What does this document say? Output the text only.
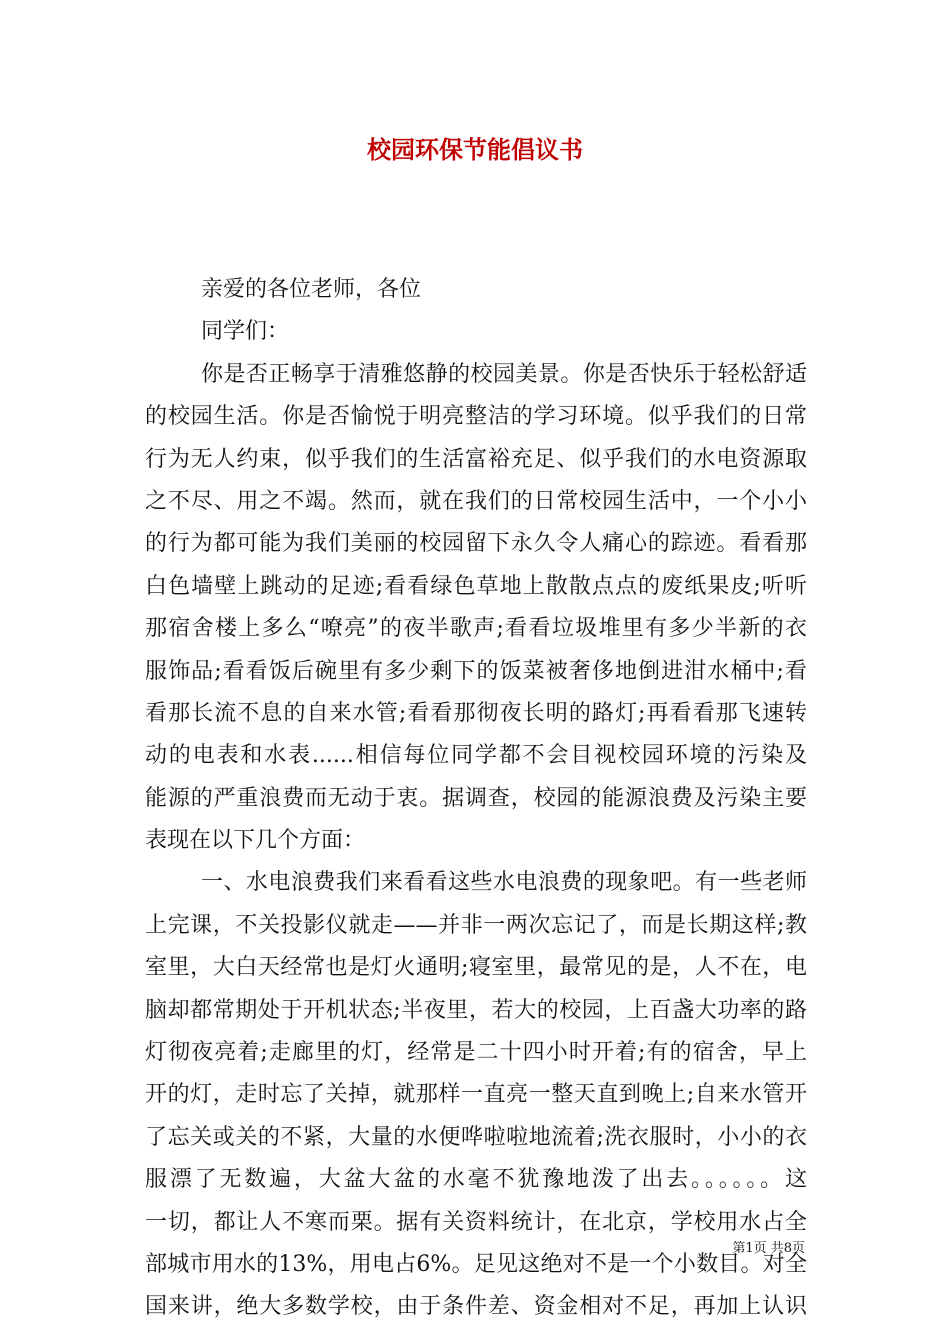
校园环保节能倡议书
亲爱的各位老师，各位
同学们：
你是否正畅享于清雅悠静的校园美景。你是否快乐于轻松舒适
的校园生活。你是否愉悦于明亮整洁的学习环境。似乎我们的日常
行为无人约束，似乎我们的生活富裕充足、似乎我们的水电资源取
之不尽、用之不竭。然而，就在我们的日常校园生活中，一个小小
的行为都可能为我们美丽的校园留下永久令人痛心的踪迹。看看那
白色墙壁上跳动的足迹;看看绿色草地上散散点点的废纸果皮;听听
那宿舍楼上多么“嘹亮”的夜半歌声;看看垃圾堆里有多少半新的衣
服饰品;看看饭后碗里有多少剩下的饭菜被奢侈地倒进泔水桶中;看
看那长流不息的自来水管;看看那彻夜长明的路灯;再看看那飞速转
动的电表和水表......相信每位同学都不会目视校园环境的污染及
能源的严重浪费而无动于衷。据调查，校园的能源浪费及污染主要
表现在以下几个方面：
一、水电浪费我们来看看这些水电浪费的现象吧。有一些老师
上完课，不关投影仪就走——并非一两次忘记了，而是长期这样;教
室里，大白天经常也是灯火通明;寝室里，最常见的是，人不在，电
脑却都常期处于开机状态;半夜里，若大的校园，上百盏大功率的路
灯彻夜亮着;走廊里的灯，经常是二十四小时开着;有的宿舍，早上
开的灯，走时忘了关掉，就那样一直亮一整天直到晚上;自来水管开
了忘关或关的不紧，大量的水便哗啦啦地流着;洗衣服时，小小的衣
服漂了无数遍，大盆大盆的水毫不犹豫地泼了出去。。。。。。这
一切，都让人不寒而栗。据有关资料统计，在北京，学校用水占全
部城市用水的13%，用电占6%。足见这绝对不是一个小数目。对全
国来讲，绝大多数学校，由于条件差、资金相对不足，再加上认识
第1页 共8页
